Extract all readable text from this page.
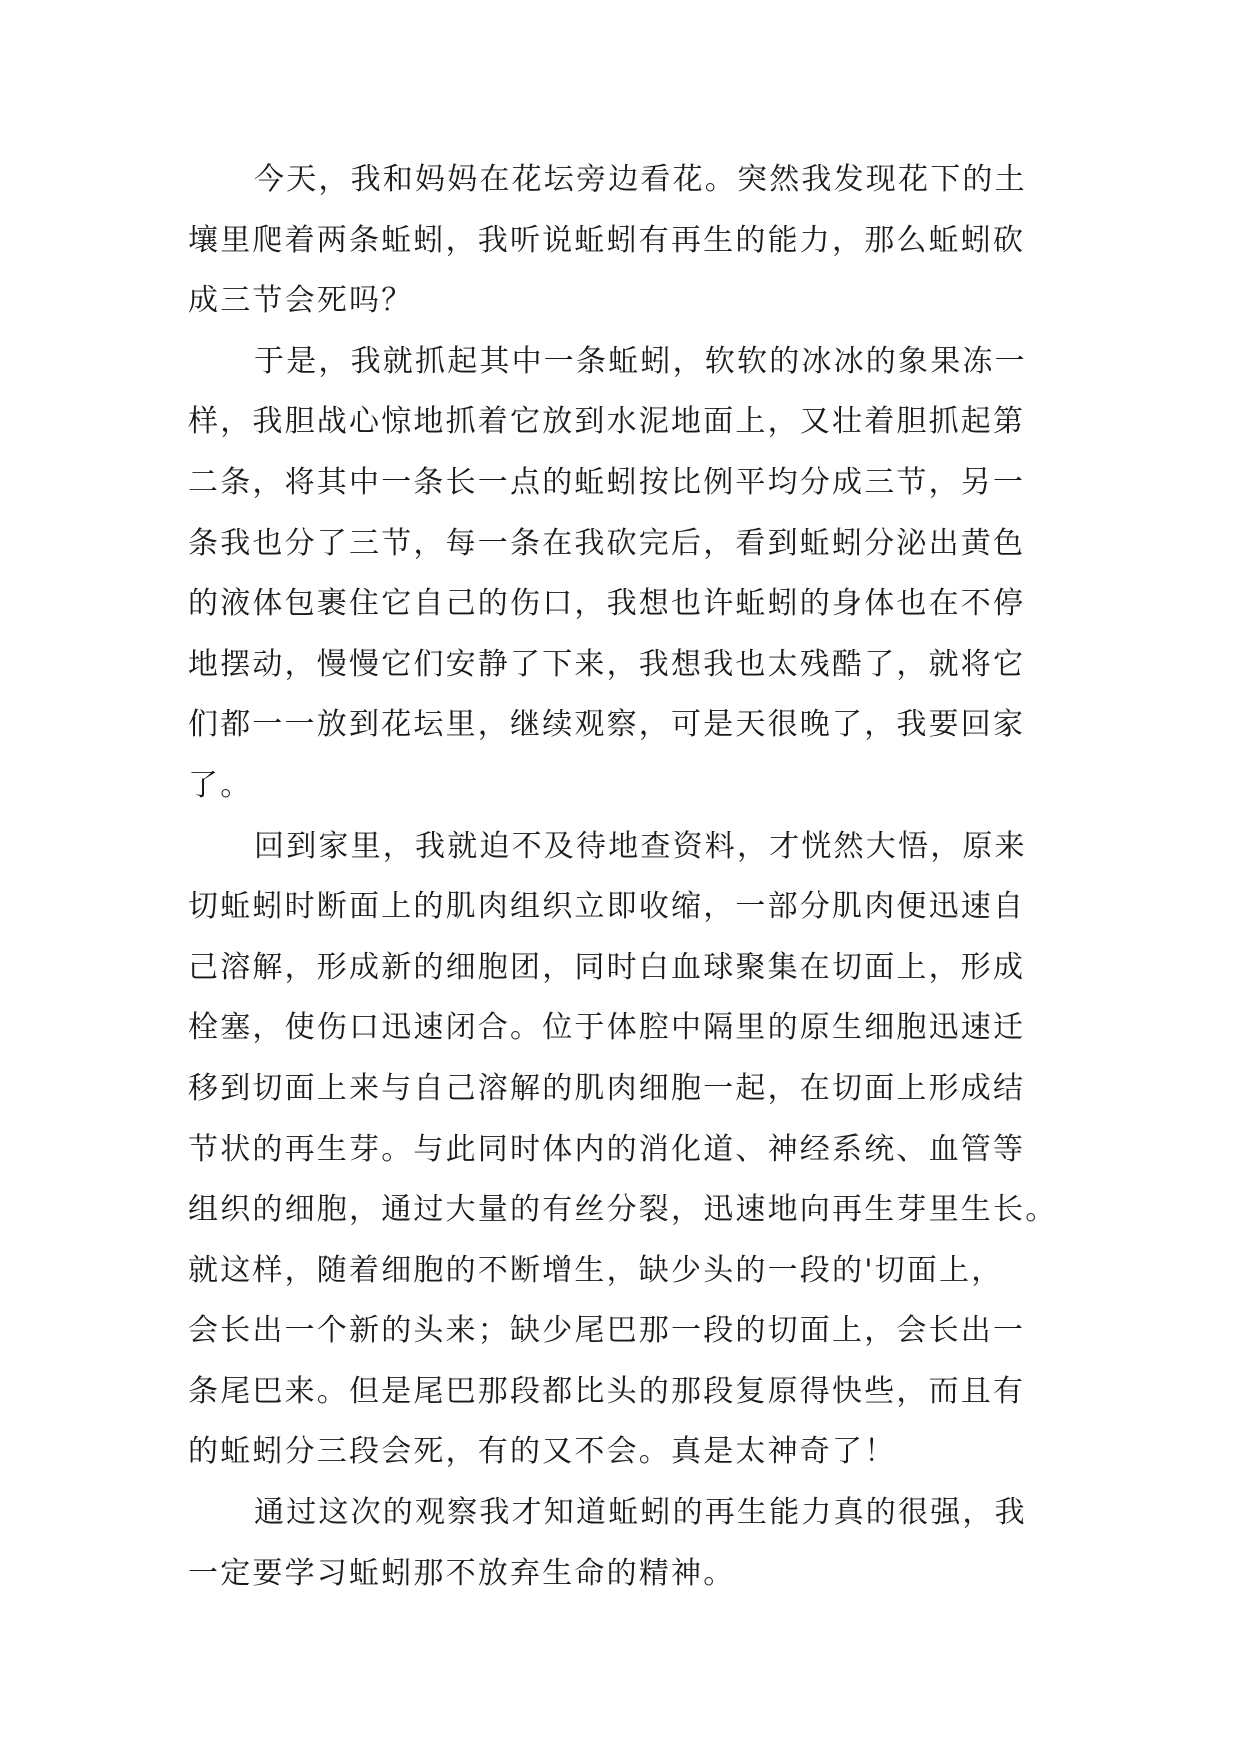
今天，我和妈妈在花坛旁边看花。突然我发现花下的土
壤里爬着两条蚯蚓，我听说蚯蚓有再生的能力，那么蚯蚓砍
成三节会死吗？

于是，我就抓起其中一条蚯蚓，软软的冰冰的象果冻一
样，我胆战心惊地抓着它放到水泥地面上，又壮着胆抓起第
二条，将其中一条长一点的蚯蚓按比例平均分成三节，另一
条我也分了三节，每一条在我砍完后，看到蚯蚓分泌出黄色
的液体包裹住它自己的伤口，我想也许蚯蚓的身体也在不停
地摆动，慢慢它们安静了下来，我想我也太残酷了，就将它
们都一一放到花坛里，继续观察，可是天很晚了，我要回家
了。

回到家里，我就迫不及待地查资料，才恍然大悟，原来
切蚯蚓时断面上的肌肉组织立即收缩，一部分肌肉便迅速自
己溶解，形成新的细胞团，同时白血球聚集在切面上，形成
栓塞，使伤口迅速闭合。位于体腔中隔里的原生细胞迅速迁
移到切面上来与自己溶解的肌肉细胞一起，在切面上形成结
节状的再生芽。与此同时体内的消化道、神经系统、血管等
组织的细胞，通过大量的有丝分裂，迅速地向再生芽里生长。
就这样，随着细胞的不断增生，缺少头的一段的'切面上，
会长出一个新的头来；缺少尾巴那一段的切面上，会长出一
条尾巴来。但是尾巴那段都比头的那段复原得快些，而且有
的蚯蚓分三段会死，有的又不会。真是太神奇了！

通过这次的观察我才知道蚯蚓的再生能力真的很强，我
一定要学习蚯蚓那不放弃生命的精神。
